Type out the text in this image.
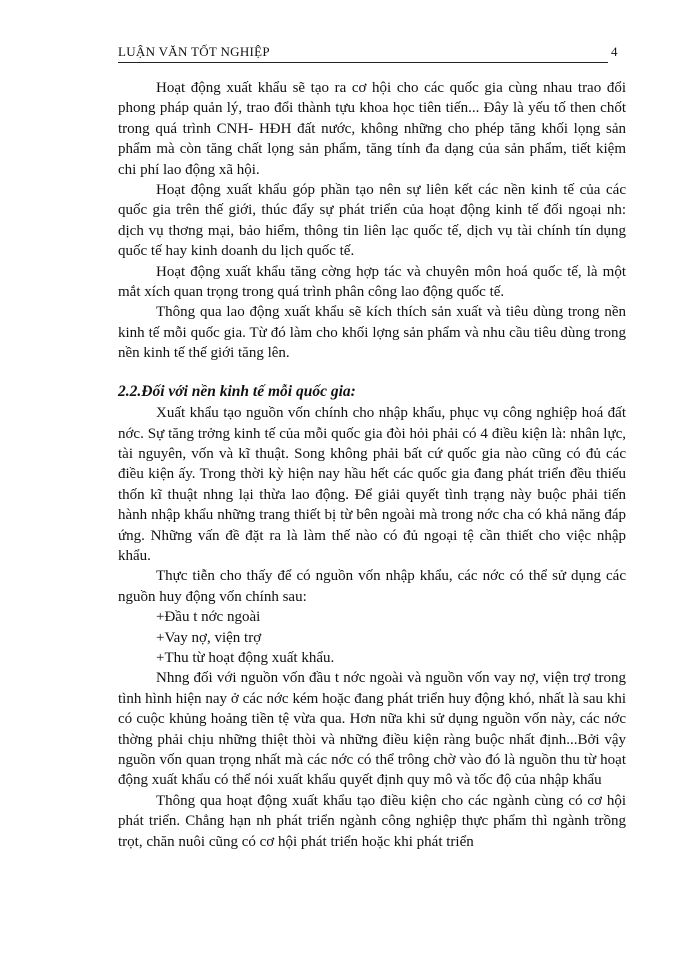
LUẬN VĂN TỐT NGHIỆP	4

Hoạt động xuất khẩu sẽ tạo ra cơ hội cho các quốc gia cùng nhau trao đổi phong pháp quản lý, trao đổi thành tựu khoa học tiên tiến... Đây là yếu tố then chốt trong quá trình CNH- HĐH đất nước, không những cho phép tăng khối lọng sản phẩm mà còn tăng chất lọng sản phẩm, tăng tính đa dạng của sản phẩm, tiết kiệm chi phí lao động xã hội.

Hoạt động xuất khẩu góp phần tạo nên sự liên kết các nền kinh tế của các quốc gia trên thế giới, thúc đẩy sự phát triển của hoạt động kinh tế đối ngoại nh: dịch vụ thơng mại, bảo hiểm, thông tin liên lạc quốc tế, dịch vụ tài chính tín dụng quốc tế hay kinh doanh du lịch quốc tế.

Hoạt động xuất khẩu tăng cờng hợp tác và chuyên môn hoá quốc tế, là một mắt xích quan trọng trong quá trình phân công lao động quốc tế.

Thông qua lao động xuất khẩu sẽ kích thích sản xuất và tiêu dùng trong nền kinh tế mỗi quốc gia. Từ đó làm cho khối lợng sản phẩm và nhu cầu tiêu dùng trong nền kinh tế thế giới tăng lên.

2.2.Đối với nền kinh tế mỗi quốc gia:

Xuất khẩu tạo nguồn vốn chính cho nhập khẩu, phục vụ công nghiệp hoá đất nớc. Sự tăng trởng kinh tế của mỗi quốc gia đòi hỏi phải có 4 điều kiện là: nhân lực, tài nguyên, vốn và kĩ thuật. Song không phải bất cứ quốc gia nào cũng có đủ các điều kiện ấy. Trong thời kỳ hiện nay hầu hết các quốc gia đang phát triển đều thiếu thốn kĩ thuật nhng lại thừa lao động. Để giải quyết tình trạng này buộc phải tiến hành nhập khẩu những trang thiết bị từ bên ngoài mà trong nớc cha có khả năng đáp ứng. Những vấn đề đặt ra là làm thế nào có đủ ngoại tệ cần thiết cho việc nhập khẩu.

Thực tiễn cho thấy để có nguồn vốn nhập khẩu, các nớc có thể sử dụng các nguồn huy động vốn chính sau:

+Đầu t nớc ngoài

+Vay nợ, viện trợ

+Thu từ hoạt động xuất khẩu.

Nhng đối với nguồn vốn đầu t nớc ngoài và nguồn vốn vay nợ, viện trợ trong tình hình hiện nay ở các nớc kém hoặc đang phát triển huy động khó, nhất là sau khi có cuộc khủng hoảng tiền tệ vừa qua. Hơn nữa khi sử dụng nguồn vốn này, các nớc thờng phải chịu những thiệt thòi và những điều kiện ràng buộc nhất định...Bởi vậy nguồn vốn quan trọng nhất mà các nớc có thể trông chờ vào đó là nguồn thu từ hoạt động xuất khẩu có thể nói xuất khẩu quyết định quy mô và tốc độ của nhập khẩu

Thông qua hoạt động xuất khẩu tạo điều kiện cho các ngành cùng có cơ hội phát triển. Chẳng hạn nh phát triển ngành công nghiệp thực phẩm thì ngành trồng trọt, chăn nuôi cũng có cơ hội phát triển hoặc khi phát triển
